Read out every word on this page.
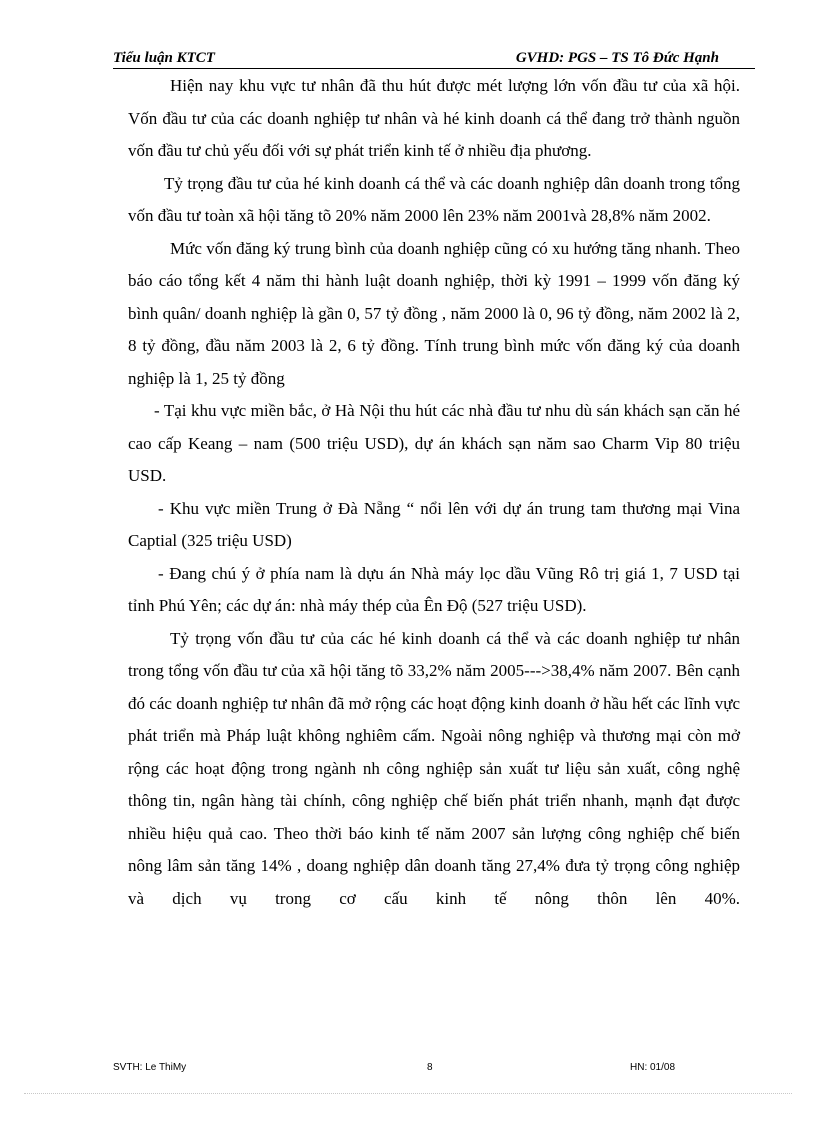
Tiểu luận KTCT	GVHD: PGS – TS Tô Đức Hạnh

Hiện nay khu vực tư nhân đã thu hút được mét lượng lớn vốn đầu tư của xã hội. Vốn đầu tư của các doanh nghiệp tư nhân và hé kinh doanh cá thể đang trở thành nguồn vốn đầu tư chủ yếu đối với sự phát triển kinh tế ở nhiều địa phương.

Tỷ trọng đầu tư của hé kinh doanh cá thể và các doanh nghiệp dân doanh trong tổng vốn đầu tư toàn xã hội tăng tõ 20% năm 2000 lên 23% năm 2001và 28,8% năm 2002.

Mức vốn đăng ký trung bình của doanh nghiệp cũng có xu hướng tăng nhanh. Theo báo cáo tổng kết 4 năm thi hành luật doanh nghiệp, thời kỳ 1991 – 1999 vốn đăng ký bình quân/ doanh nghiệp là gần 0, 57 tỷ đồng , năm 2000 là 0, 96 tỷ đồng, năm 2002 là 2, 8 tỷ đồng, đầu năm 2003 là 2, 6 tỷ đồng. Tính trung bình mức vốn đăng ký của doanh nghiệp là 1, 25 tỷ đồng

- Tại khu vực miền bắc, ở Hà Nội thu hút các nhà đầu tư nhu dù sán khách sạn căn hé cao cấp Keang – nam (500 triệu USD), dự án khách sạn năm sao Charm Vip 80 triệu USD.

- Khu vực miền Trung ở Đà Nẵng “ nổi lên với dự án trung tam thương mại Vina Captial (325 triệu USD)

- Đang chú ý ở phía nam là dựu án Nhà máy lọc dầu Vũng Rô trị giá 1, 7 USD tại tỉnh Phú Yên; các dự án: nhà máy thép của Ên Độ (527 triệu USD).

Tỷ trọng vốn đầu tư của các hé kinh doanh cá thể và các doanh nghiệp tư nhân trong tổng vốn đầu tư của xã hội tăng tõ 33,2% năm 2005--->38,4% năm 2007. Bên cạnh đó các doanh nghiệp tư nhân đã mở rộng các hoạt động kinh doanh ở hầu hết các lĩnh vực phát triển mà Pháp luật không nghiêm cấm. Ngoài nông nghiệp và thương mại còn mở rộng các hoạt động trong ngành nh công nghiệp sản xuất tư liệu sản xuất, công nghệ thông tin, ngân hàng tài chính, công nghiệp chế biến phát triển nhanh, mạnh đạt được nhiều hiệu quả cao. Theo thời báo kinh tế năm 2007 sản lượng công nghiệp chế biến nông lâm sản tăng 14% , doang nghiệp dân doanh tăng 27,4% đưa tỷ trọng công nghiệp và dịch vụ trong cơ cấu kinh tế nông thôn lên 40%.

SVTH: Le ThiMy	8	HN: 01/08
